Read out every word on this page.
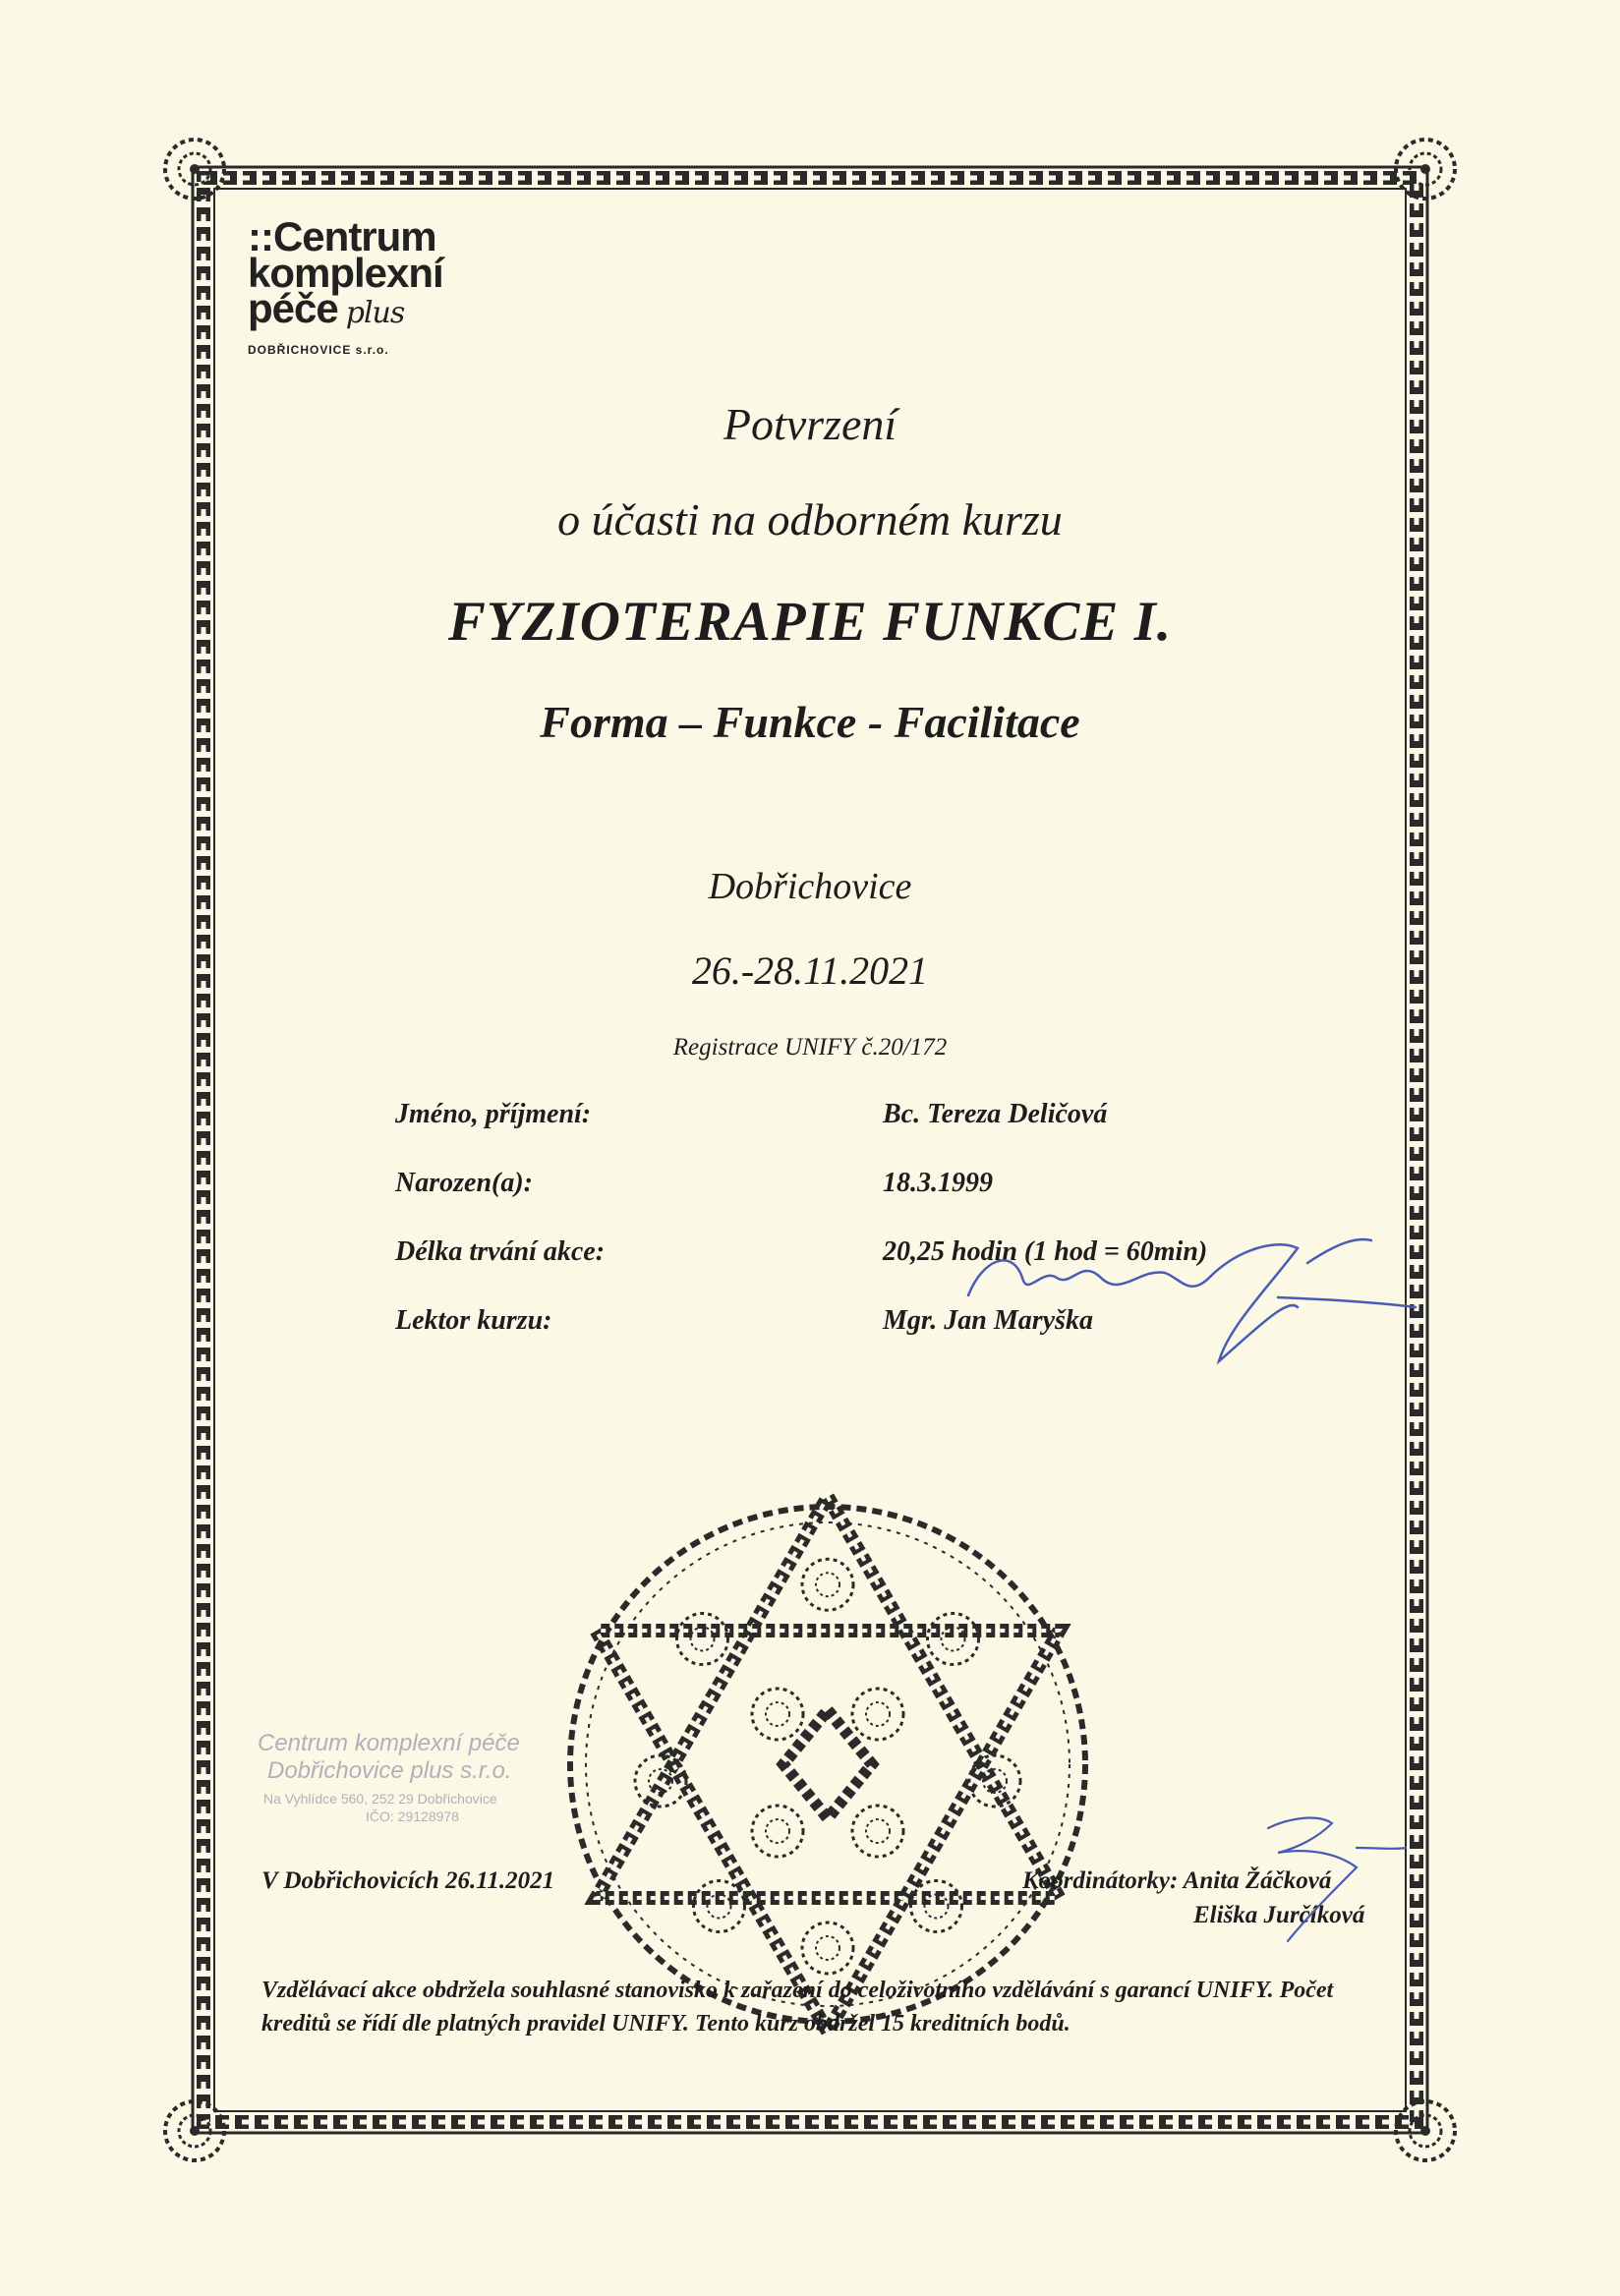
::Centrum
komplexní
péče plus
DOBŘICHOVICE s.r.o.
Potvrzení
o účasti na odborném kurzu
FYZIOTERAPIE FUNKCE I.
Forma – Funkce - Facilitace
Dobřichovice
26.-28.11.2021
Registrace UNIFY č.20/172
Jméno, příjmení:	Bc. Tereza Deličová
Narozen(a):	18.3.1999
Délka trvání akce:	20,25 hodin (1 hod = 60min)
Lektor kurzu:	Mgr. Jan Maryška
Centrum komplexní péče
Dobřichovice plus s.r.o.
Na Vyhlídce 560, 252 29 Dobřichovice
IČO: 29128978
V Dobřichovicích 26.11.2021	Koordinátorky: Anita Žáčková
Eliška Jurčíková
Vzdělávací akce obdržela souhlasné stanovisko k zařazení do celoživotního vzdělávání s garancí UNIFY. Počet kreditů se řídí dle platných pravidel UNIFY. Tento kurz obdržel 15 kreditních bodů.
